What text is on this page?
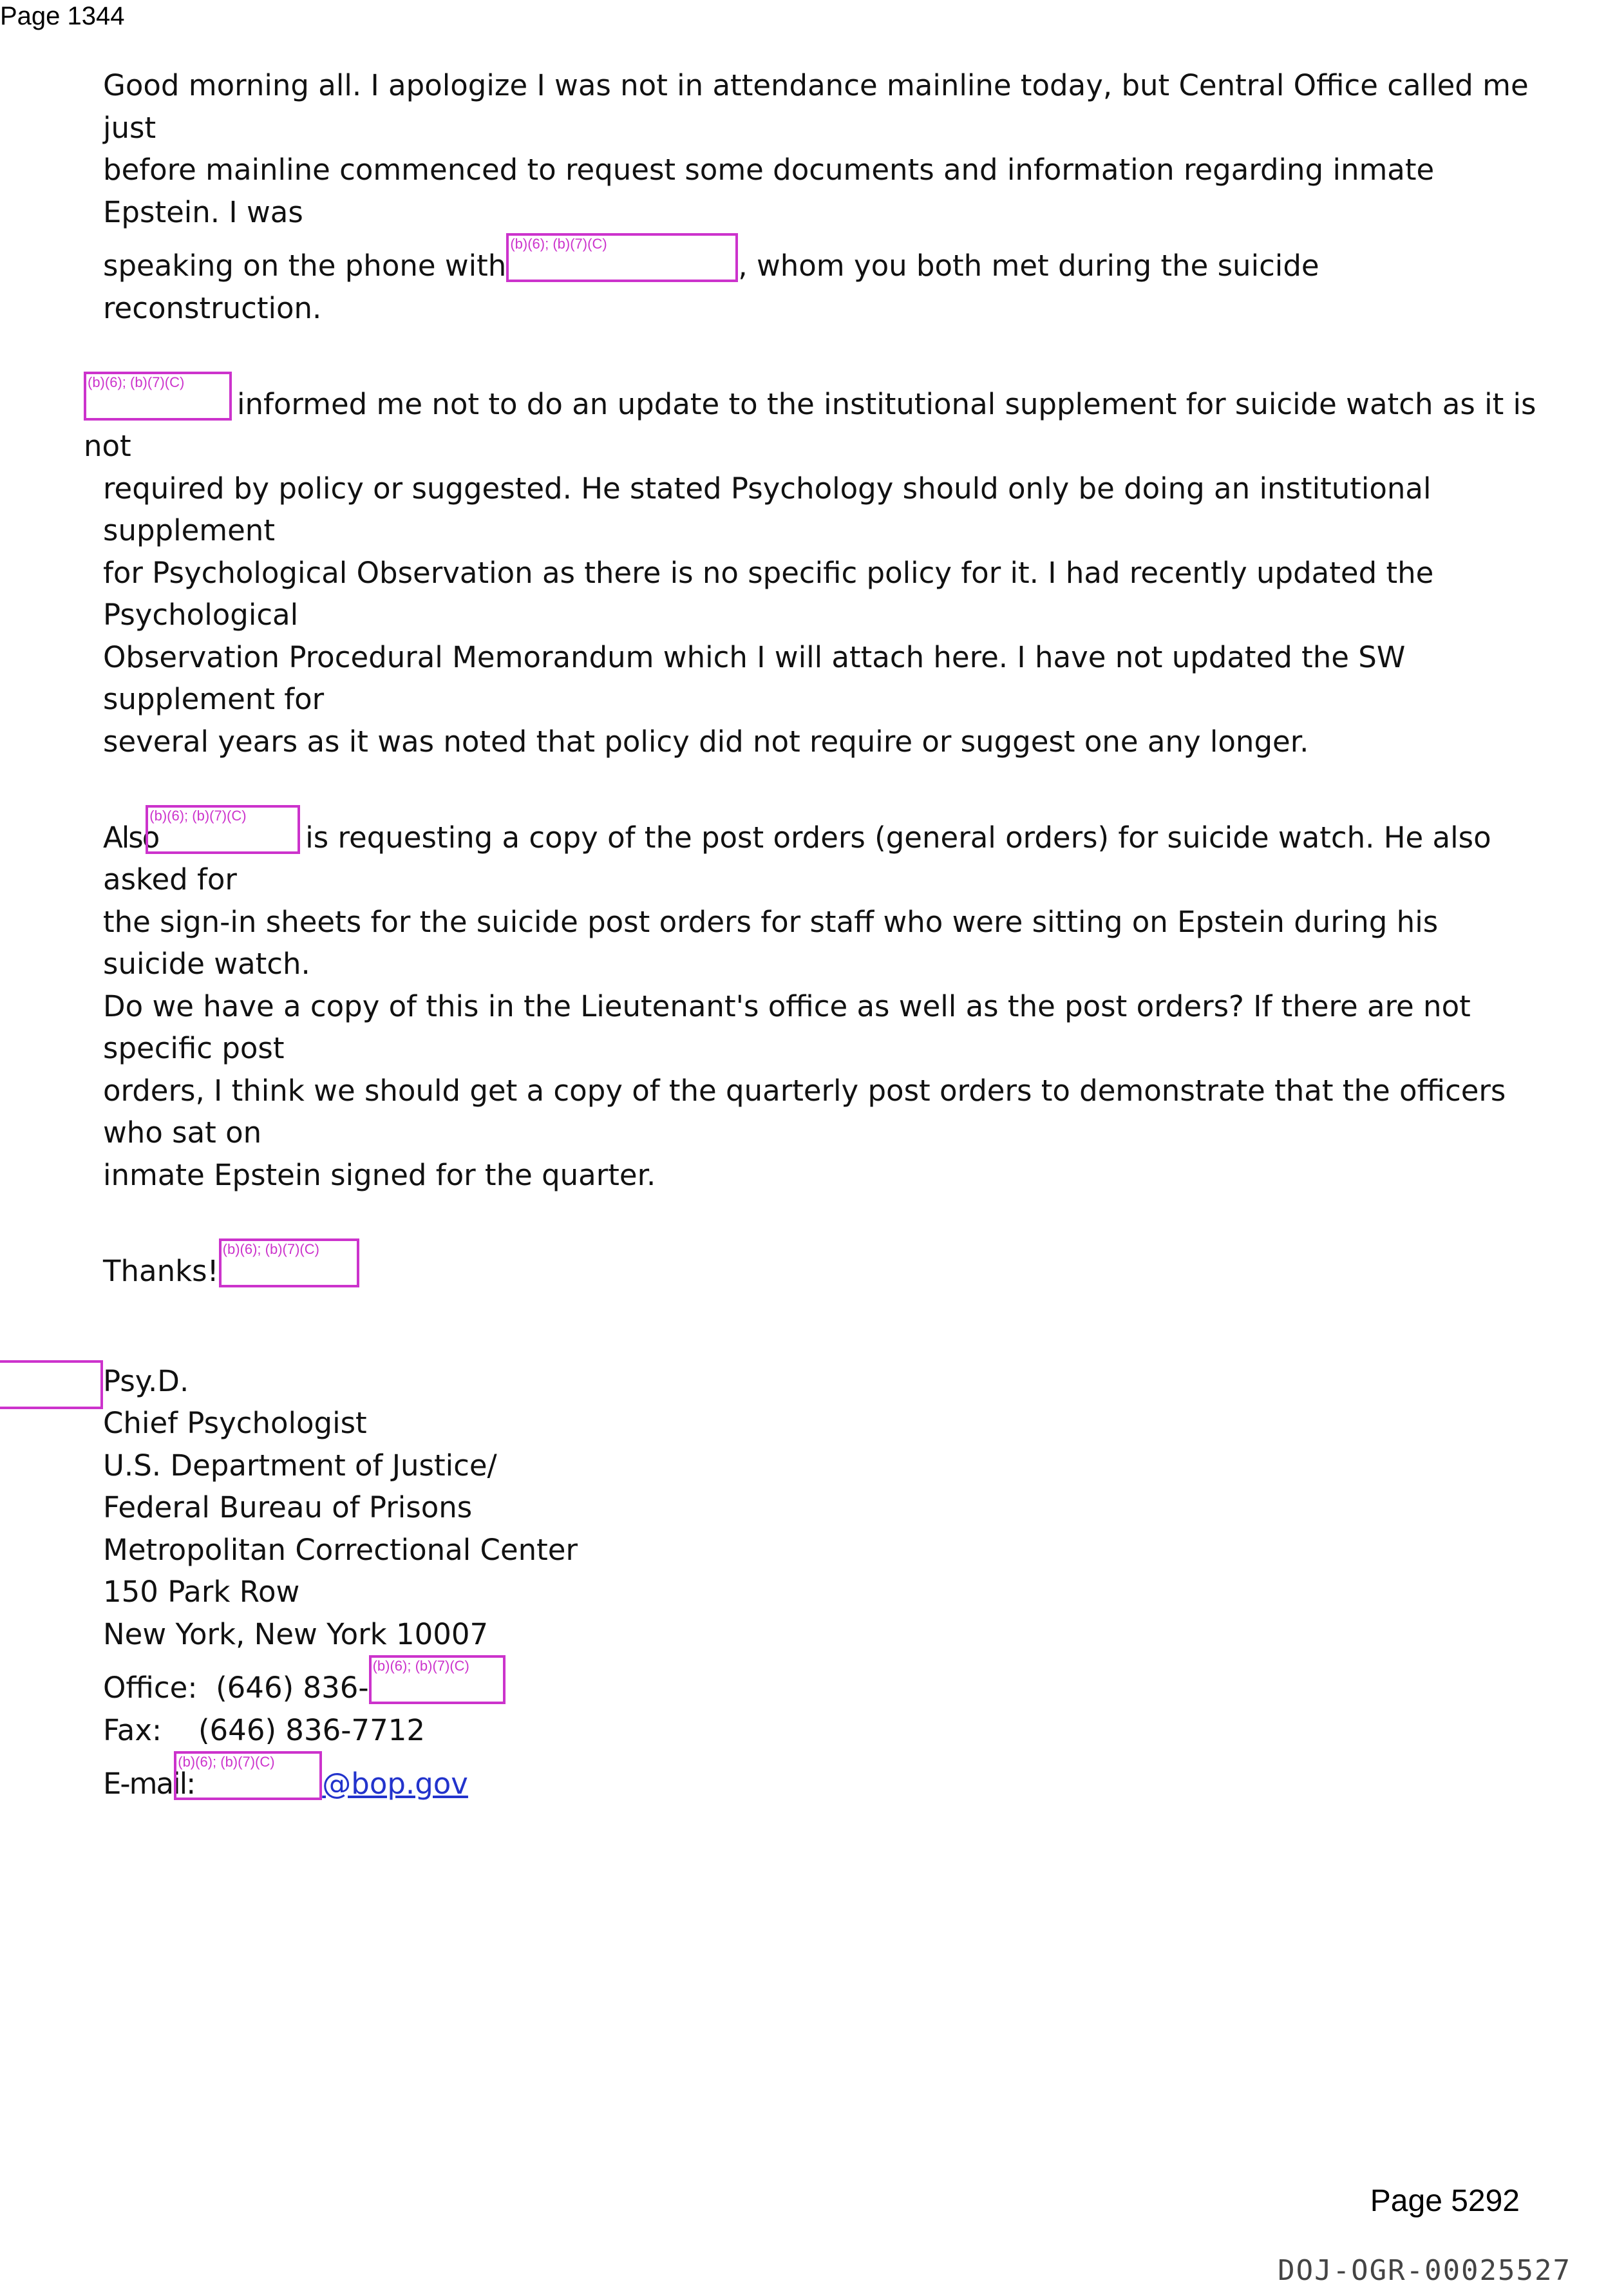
Page 1344

Good morning all. I apologize I was not in attendance mainline today, but Central Office called me just

before mainline commenced to request some documents and information regarding inmate Epstein. I was

speaking on the phone with
(b)(6); (b)(7)(C)
, whom you both met during the suicide reconstruction.

(b)(6); (b)(7)(C)
informed me not to do an update to the institutional supplement for suicide watch as it is not

required by policy or suggested. He stated Psychology should only be doing an institutional supplement

for Psychological Observation as there is no specific policy for it. I had recently updated the Psychological

Observation Procedural Memorandum which I will attach here. I have not updated the SW supplement for

several years as it was noted that policy did not require or suggest one any longer.

Also
(b)(6); (b)(7)(C)
is requesting a copy of the post orders (general orders) for suicide watch. He also asked for

the sign-in sheets for the suicide post orders for staff who were sitting on Epstein during his suicide watch.

Do we have a copy of this in the Lieutenant's office as well as the post orders? If there are not specific post

orders, I think we should get a copy of the quarterly post orders to demonstrate that the officers who sat on

inmate Epstein signed for the quarter.

Thanks!
(b)(6); (b)(7)(C)

Psy.D.

Chief Psychologist

U.S. Department of Justice/

Federal Bureau of Prisons

Metropolitan Correctional Center

150 Park Row

New York, New York 10007

Office: (646) 836-
(b)(6); (b)(7)(C)

Fax: (646) 836-7712

E-mail:
(b)(6); (b)(7)(C)
@bop.gov

Page 5292
DOJ-OGR-00025527
